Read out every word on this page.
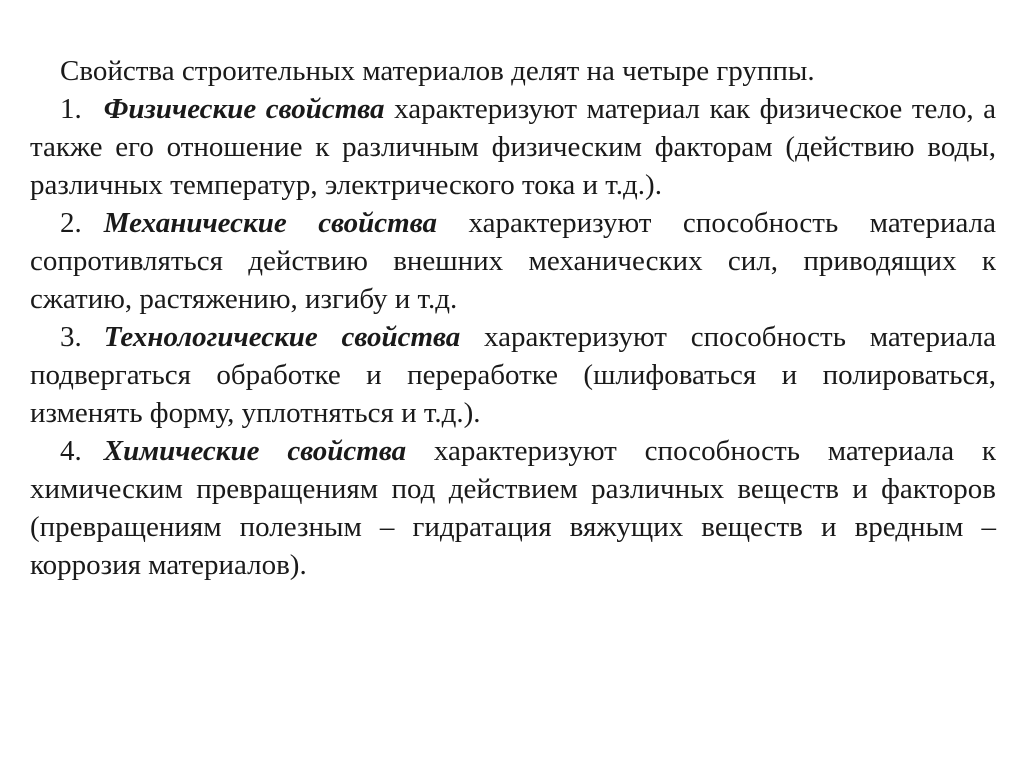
Свойства строительных материалов делят на четыре группы.

1. Физические свойства характеризуют материал как физическое тело, а также его отношение к различным физическим факторам (действию воды, различных температур, электрического тока и т.д.).

2. Механические свойства характеризуют способность материала сопротивляться действию внешних механических сил, приводящих к сжатию, растяжению, изгибу и т.д.

3. Технологические свойства характеризуют способность материала подвергаться обработке и переработке (шлифоваться и полироваться, изменять форму, уплотняться и т.д.).

4. Химические свойства характеризуют способность материала к химическим превращениям под действием различных веществ и факторов (превращениям полезным – гидратация вяжущих веществ и вредным – коррозия материалов).
